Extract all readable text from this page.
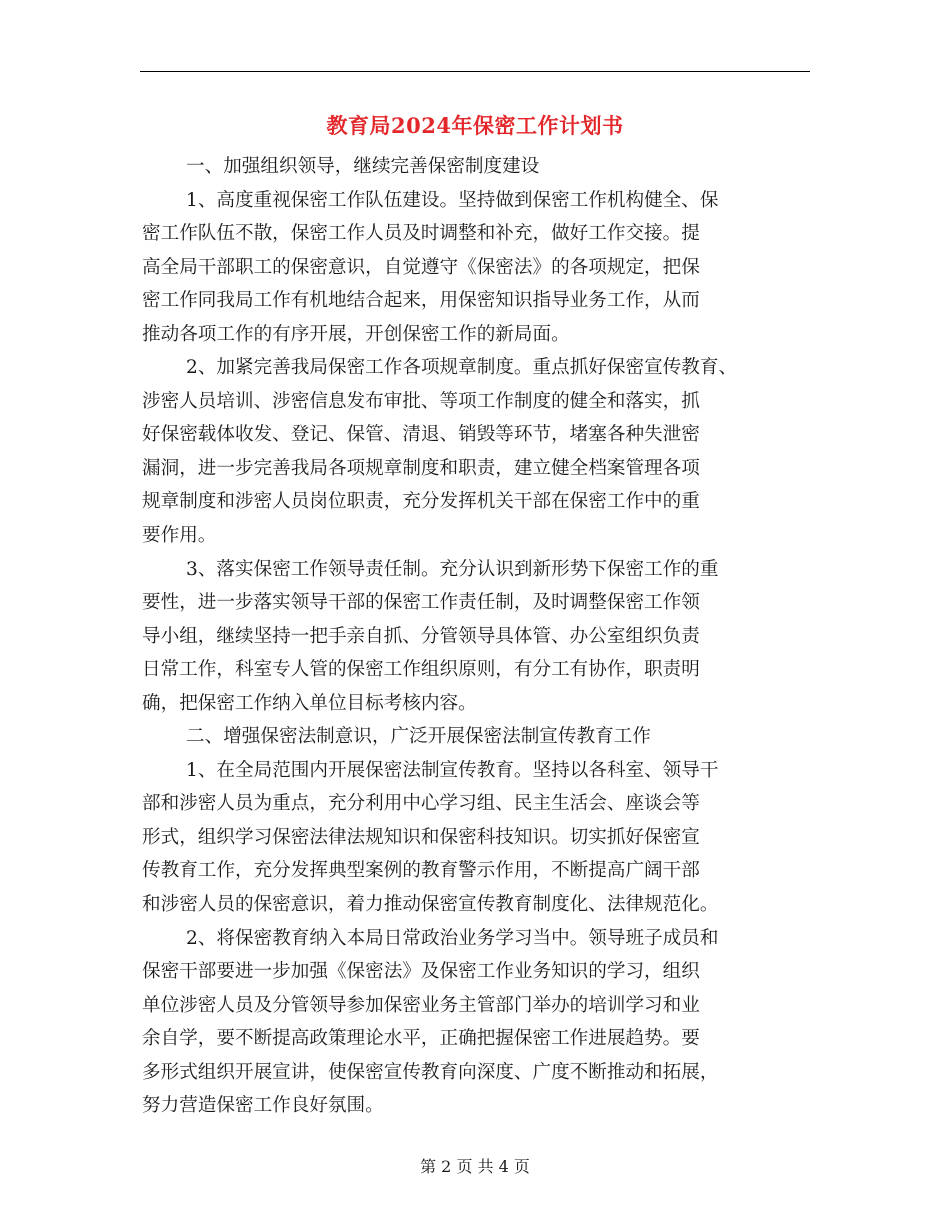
教育局2024年保密工作计划书
一、加强组织领导，继续完善保密制度建设
1、高度重视保密工作队伍建设。坚持做到保密工作机构健全、保
密工作队伍不散，保密工作人员及时调整和补充，做好工作交接。提
高全局干部职工的保密意识，自觉遵守《保密法》的各项规定，把保
密工作同我局工作有机地结合起来，用保密知识指导业务工作，从而
推动各项工作的有序开展，开创保密工作的新局面。
2、加紧完善我局保密工作各项规章制度。重点抓好保密宣传教育、
涉密人员培训、涉密信息发布审批、等项工作制度的健全和落实，抓
好保密载体收发、登记、保管、清退、销毁等环节，堵塞各种失泄密
漏洞，进一步完善我局各项规章制度和职责，建立健全档案管理各项
规章制度和涉密人员岗位职责，充分发挥机关干部在保密工作中的重
要作用。
3、落实保密工作领导责任制。充分认识到新形势下保密工作的重
要性，进一步落实领导干部的保密工作责任制，及时调整保密工作领
导小组，继续坚持一把手亲自抓、分管领导具体管、办公室组织负责
日常工作，科室专人管的保密工作组织原则，有分工有协作，职责明
确，把保密工作纳入单位目标考核内容。
二、增强保密法制意识，广泛开展保密法制宣传教育工作
1、在全局范围内开展保密法制宣传教育。坚持以各科室、领导干
部和涉密人员为重点，充分利用中心学习组、民主生活会、座谈会等
形式，组织学习保密法律法规知识和保密科技知识。切实抓好保密宣
传教育工作，充分发挥典型案例的教育警示作用，不断提高广阔干部
和涉密人员的保密意识，着力推动保密宣传教育制度化、法律规范化。
2、将保密教育纳入本局日常政治业务学习当中。领导班子成员和
保密干部要进一步加强《保密法》及保密工作业务知识的学习，组织
单位涉密人员及分管领导参加保密业务主管部门举办的培训学习和业
余自学，要不断提高政策理论水平，正确把握保密工作进展趋势。要
多形式组织开展宣讲，使保密宣传教育向深度、广度不断推动和拓展，
努力营造保密工作良好氛围。
第 2 页 共 4 页
